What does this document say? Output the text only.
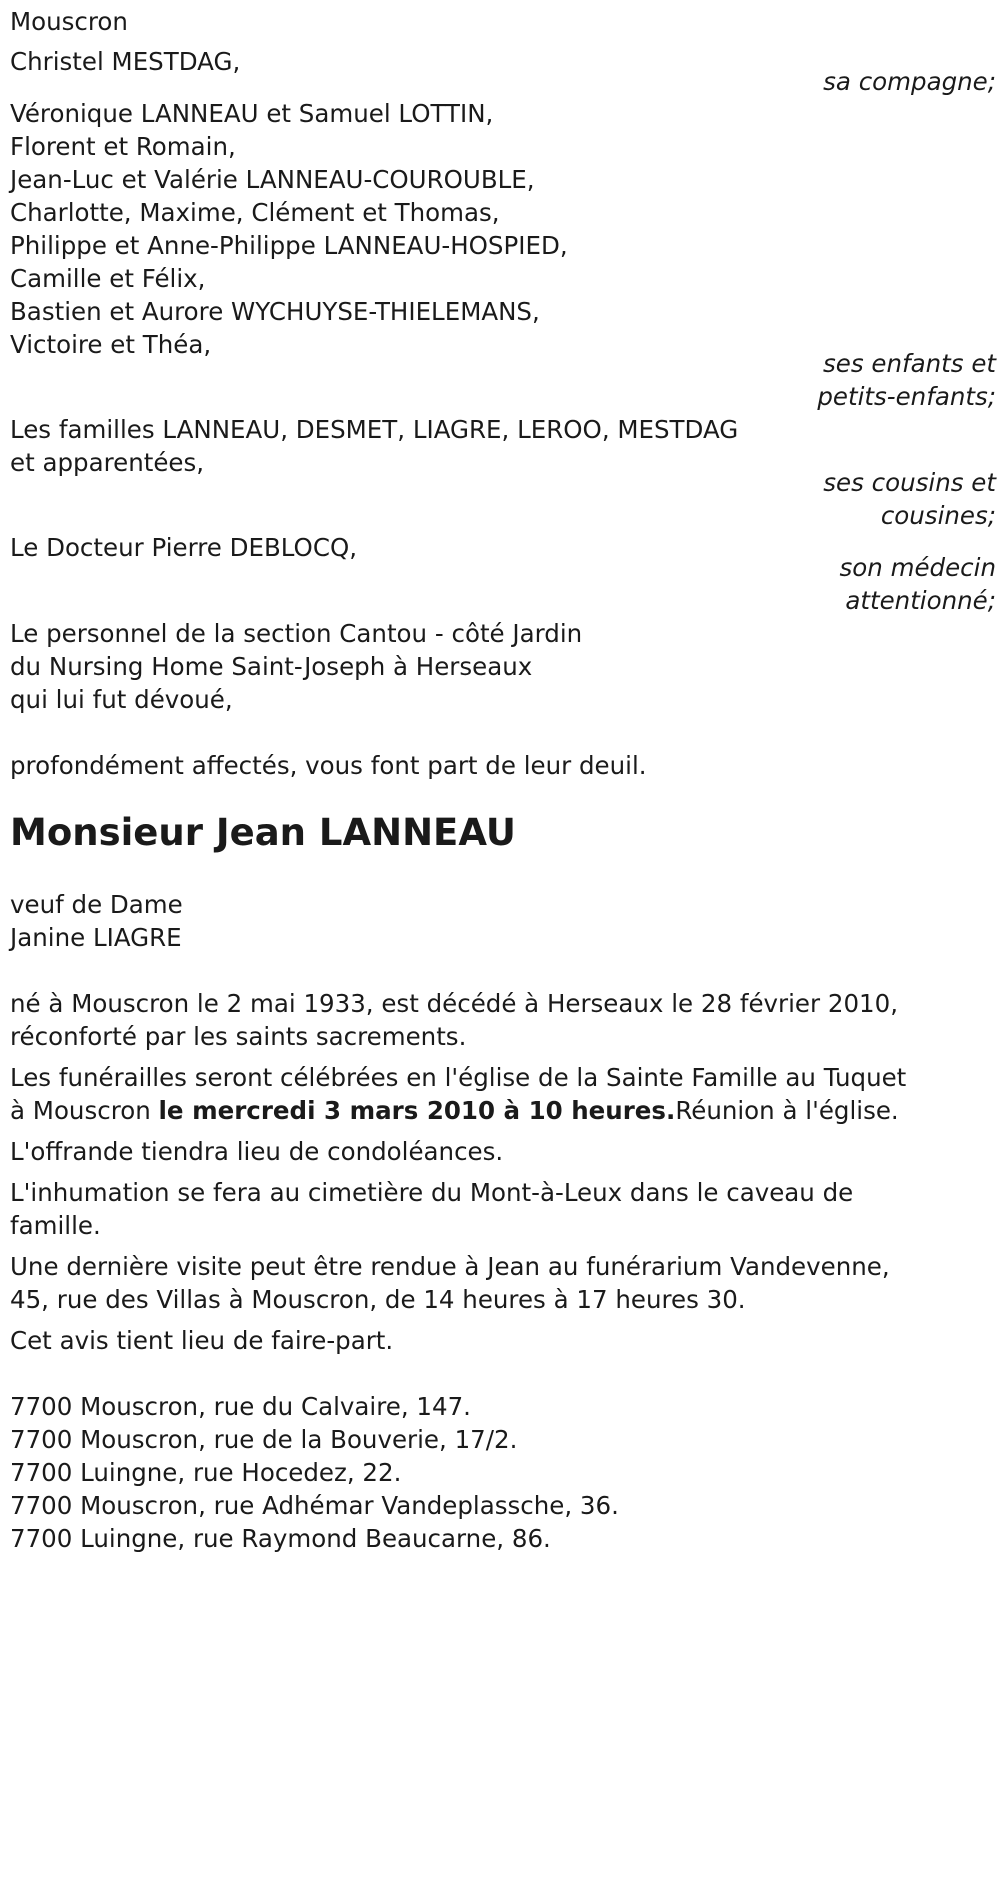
Mouscron

Christel MESTDAG,

sa compagne;

Véronique LANNEAU et Samuel LOTTIN,

Florent et Romain,

Jean-Luc et Valérie LANNEAU-COUROUBLE,

Charlotte, Maxime, Clément et Thomas,

Philippe et Anne-Philippe LANNEAU-HOSPIED,

Camille et Félix,

Bastien et Aurore WYCHUYSE-THIELEMANS,

Victoire et Théa,

ses enfants et

petits-enfants;

Les familles LANNEAU, DESMET, LIAGRE, LEROO, MESTDAG

et apparentées,

ses cousins et

cousines;

Le Docteur Pierre DEBLOCQ,

son médecin

attentionné;

Le personnel de la section Cantou - côté Jardin

du Nursing Home Saint-Joseph à Herseaux

qui lui fut dévoué,

profondément affectés, vous font part de leur deuil.

Monsieur Jean LANNEAU

veuf de Dame

Janine LIAGRE

né à Mouscron le 2 mai 1933, est décédé à Herseaux le 28 février 2010,

réconforté par les saints sacrements.

Les funérailles seront célébrées en l'église de la Sainte Famille au Tuquet

à Mouscron le mercredi 3 mars 2010 à 10 heures.Réunion à l'église.

L'offrande tiendra lieu de condoléances.

L'inhumation se fera au cimetière du Mont-à-Leux dans le caveau de

famille.

Une dernière visite peut être rendue à Jean au funérarium Vandevenne,

45, rue des Villas à Mouscron, de 14 heures à 17 heures 30.

Cet avis tient lieu de faire-part.

7700 Mouscron, rue du Calvaire, 147.

7700 Mouscron, rue de la Bouverie, 17/2.

7700 Luingne, rue Hocedez, 22.

7700 Mouscron, rue Adhémar Vandeplassche, 36.

7700 Luingne, rue Raymond Beaucarne, 86.
